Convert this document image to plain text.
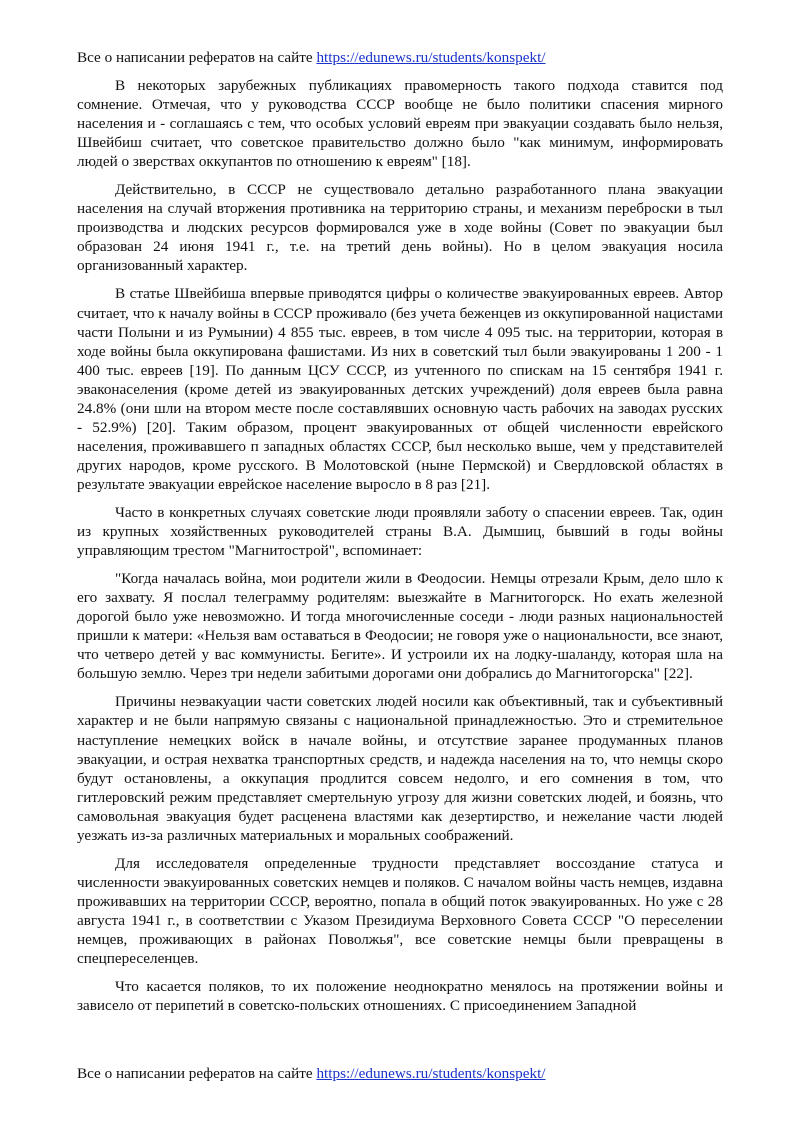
Все о написании рефератов на сайте https://edunews.ru/students/konspekt/

В некоторых зарубежных публикациях правомерность такого подхода ставится под сомнение. Отмечая, что у руководства СССР вообще не было политики спасения мирного населения и - соглашаясь с тем, что особых условий евреям при эвакуации создавать было нельзя, Швейбиш считает, что советское правительство должно было "как минимум, информировать людей о зверствах оккупантов по отношению к евреям" [18].

Действительно, в СССР не существовало детально разработанного плана эвакуации населения на случай вторжения противника на территорию страны, и механизм переброски в тыл производства и людских ресурсов формировался уже в ходе войны (Совет по эвакуации был образован 24 июня 1941 г., т.е. на третий день войны). Но в целом эвакуация носила организованный характер.

В статье Швейбиша впервые приводятся цифры о количестве эвакуированных евреев. Автор считает, что к началу войны в СССР проживало (без учета беженцев из оккупированной нацистами части Полыни и из Румынии) 4 855 тыс. евреев, в том числе 4 095 тыс. на территории, которая в ходе войны была оккупирована фашистами. Из них в советский тыл были эвакуированы 1 200 - 1 400 тыс. евреев [19]. По данным ЦСУ СССР, из учтенного по спискам на 15 сентября 1941 г. эваконаселения (кроме детей из эвакуированных детских учреждений) доля евреев была равна 24.8% (они шли на втором месте после составлявших основную часть рабочих на заводах русских - 52.9%) [20]. Таким образом, процент эвакуированных от общей численности еврейского населения, проживавшего п западных областях СССР, был несколько выше, чем у представителей других народов, кроме русского. В Молотовской (ныне Пермской) и Свердловской областях в результате эвакуации еврейское население выросло в 8 раз [21].

Часто в конкретных случаях советские люди проявляли заботу о спасении евреев. Так, один из крупных хозяйственных руководителей страны В.А. Дымшиц, бывший в годы войны управляющим трестом "Магнитострой", вспоминает:

"Когда началась война, мои родители жили в Феодосии. Немцы отрезали Крым, дело шло к его захвату. Я послал телеграмму родителям: выезжайте в Магнитогорск. Но ехать железной дорогой было уже невозможно. И тогда многочисленные соседи - люди разных национальностей пришли к матери: «Нельзя вам оставаться в Феодосии; не говоря уже о национальности, все знают, что четверо детей у вас коммунисты. Бегите». И устроили их на лодку-шаланду, которая шла на большую землю. Через три недели забитыми дорогами они добрались до Магнитогорска" [22].

Причины неэвакуации части советских людей носили как объективный, так и субъективный характер и не были напрямую связаны с национальной принадлежностью. Это и стремительное наступление немецких войск в начале войны, и отсутствие заранее продуманных планов эвакуации, и острая нехватка транспортных средств, и надежда населения на то, что немцы скоро будут остановлены, а оккупация продлится совсем недолго, и его сомнения в том, что гитлеровский режим представляет смертельную угрозу для жизни советских людей, и боязнь, что самовольная эвакуация будет расценена властями как дезертирство, и нежелание части людей уезжать из-за различных материальных и моральных соображений.

Для исследователя определенные трудности представляет воссоздание статуса и численности эвакуированных советских немцев и поляков. С началом войны часть немцев, издавна проживавших на территории СССР, вероятно, попала в общий поток эвакуированных. Но уже с 28 августа 1941 г., в соответствии с Указом Президиума Верховного Совета СССР "О переселении немцев, проживающих в районах Поволжья", все советские немцы были превращены в спецпереселенцев.

Что касается поляков, то их положение неоднократно менялось на протяжении войны и зависело от перипетий в советско-польских отношениях. С присоединением Западной

Все о написании рефератов на сайте https://edunews.ru/students/konspekt/
